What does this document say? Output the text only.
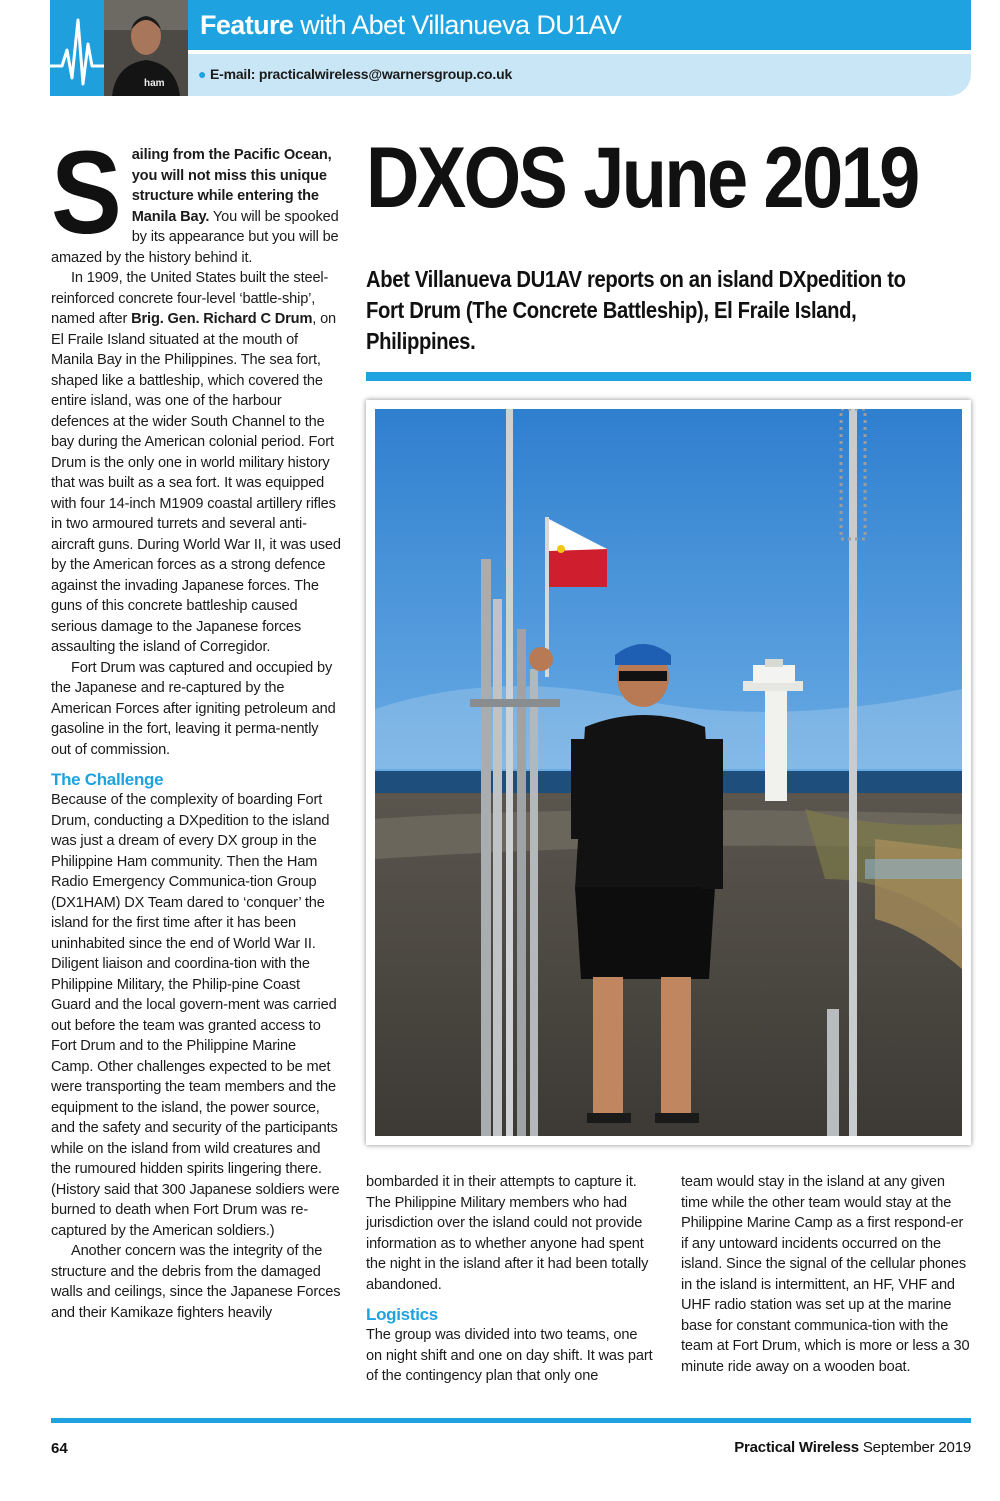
ham
Feature with Abet Villanueva DU1AV
● E-mail: practicalwireless@warnersgroup.co.uk
DXOS June 2019
Abet Villanueva DU1AV reports on an island DXpedition to Fort Drum (The Concrete Battleship), El Fraile Island, Philippines.
S ailing from the Pacific Ocean, you will not miss this unique structure while entering the Manila Bay. You will be spooked by its appearance but you will be amazed by the history behind it.

In 1909, the United States built the steel-reinforced concrete four-level ‘battle-ship’, named after Brig. Gen. Richard C Drum, on El Fraile Island situated at the mouth of Manila Bay in the Philippines. The sea fort, shaped like a battleship, which covered the entire island, was one of the harbour defences at the wider South Channel to the bay during the American colonial period. Fort Drum is the only one in world military history that was built as a sea fort. It was equipped with four 14-inch M1909 coastal artillery rifles in two armoured turrets and several anti-aircraft guns. During World War II, it was used by the American forces as a strong defence against the invading Japanese forces. The guns of this concrete battleship caused serious damage to the Japanese forces assaulting the island of Corregidor.

Fort Drum was captured and occupied by the Japanese and re-captured by the American Forces after igniting petroleum and gasoline in the fort, leaving it perma-nently out of commission.

The Challenge

Because of the complexity of boarding Fort Drum, conducting a DXpedition to the island was just a dream of every DX group in the Philippine Ham community. Then the Ham Radio Emergency Communica-tion Group (DX1HAM) DX Team dared to ‘conquer’ the island for the first time after it has been uninhabited since the end of World War II. Diligent liaison and coordina-tion with the Philippine Military, the Philip-pine Coast Guard and the local govern-ment was carried out before the team was granted access to Fort Drum and to the Philippine Marine Camp. Other challenges expected to be met were transporting the team members and the equipment to the island, the power source, and the safety and security of the participants while on the island from wild creatures and the rumoured hidden spirits lingering there. (History said that 300 Japanese soldiers were burned to death when Fort Drum was re-captured by the American soldiers.)

Another concern was the integrity of the structure and the debris from the damaged walls and ceilings, since the Japanese Forces and their Kamikaze fighters heavily

bombarded it in their attempts to capture it. The Philippine Military members who had jurisdiction over the island could not provide information as to whether anyone had spent the night in the island after it had been totally abandoned.

Logistics

The group was divided into two teams, one on night shift and one on day shift. It was part of the contingency plan that only one

team would stay in the island at any given time while the other team would stay at the Philippine Marine Camp as a first respond-er if any untoward incidents occurred on the island. Since the signal of the cellular phones in the island is intermittent, an HF, VHF and UHF radio station was set up at the marine base for constant communica-tion with the team at Fort Drum, which is more or less a 30 minute ride away on a wooden boat.

64	Practical Wireless September 2019
